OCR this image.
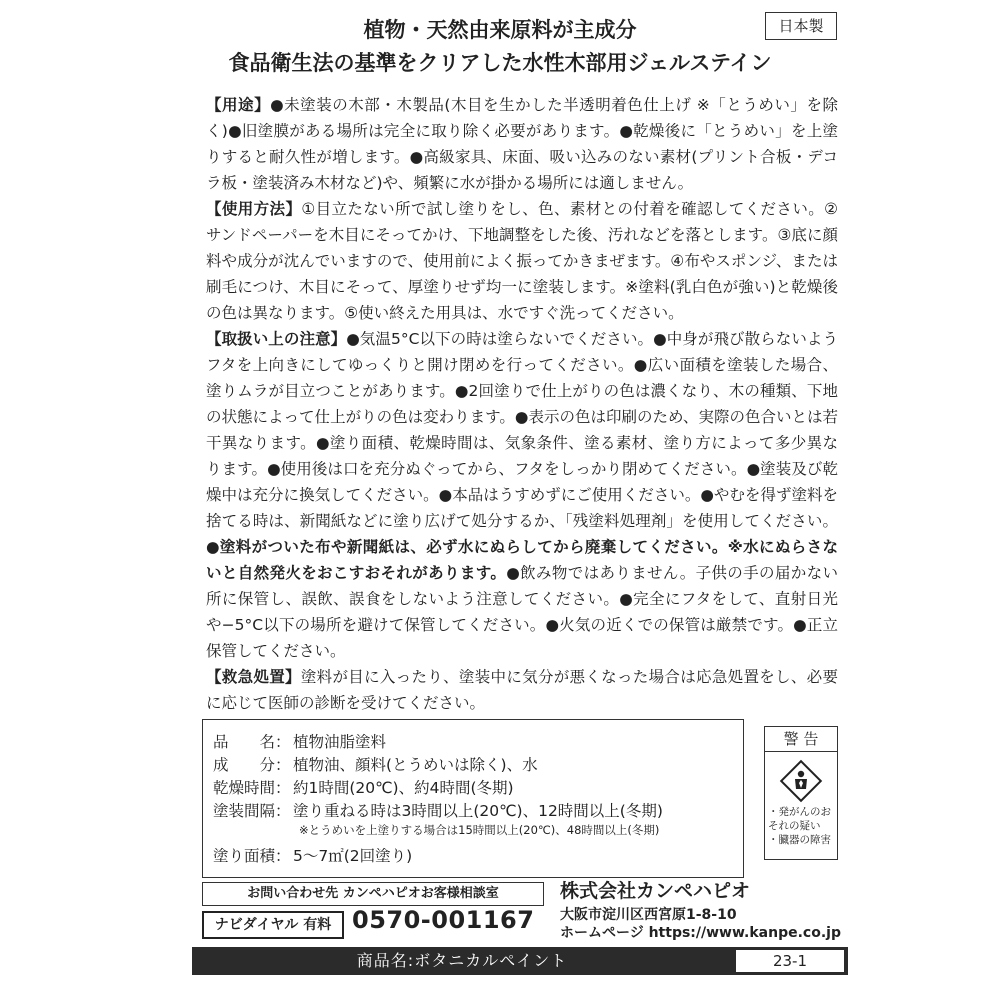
日本製
植物・天然由来原料が主成分
食品衛生法の基準をクリアした水性木部用ジェルステイン
【用途】●未塗装の木部・木製品(木目を生かした半透明着色仕上げ ※「とうめい」を除く)●旧塗膜がある場所は完全に取り除く必要があります。●乾燥後に「とうめい」を上塗りすると耐久性が増します。●高級家具、床面、吸い込みのない素材(プリント合板・デコラ板・塗装済み木材など)や、頻繁に水が掛かる場所には適しません。
【使用方法】①目立たない所で試し塗りをし、色、素材との付着を確認してください。②サンドペーパーを木目にそってかけ、下地調整をした後、汚れなどを落とします。③底に顔料や成分が沈んでいますので、使用前によく振ってかきまぜます。④布やスポンジ、または刷毛につけ、木目にそって、厚塗りせず均一に塗装します。※塗料(乳白色が強い)と乾燥後の色は異なります。⑤使い終えた用具は、水ですぐ洗ってください。
【取扱い上の注意】●気温5°C以下の時は塗らないでください。●中身が飛び散らないようフタを上向きにしてゆっくりと開け閉めを行ってください。●広い面積を塗装した場合、塗りムラが目立つことがあります。●2回塗りで仕上がりの色は濃くなり、木の種類、下地の状態によって仕上がりの色は変わります。●表示の色は印刷のため、実際の色合いとは若干異なります。●塗り面積、乾燥時間は、気象条件、塗る素材、塗り方によって多少異なります。●使用後は口を充分ぬぐってから、フタをしっかり閉めてください。●塗装及び乾燥中は充分に換気してください。●本品はうすめずにご使用ください。●やむを得ず塗料を捨てる時は、新聞紙などに塗り広げて処分するか、「残塗料処理剤」を使用してください。●塗料がついた布や新聞紙は、必ず水にぬらしてから廃棄してください。※水にぬらさないと自然発火をおこすおそれがあります。●飲み物ではありません。子供の手の届かない所に保管し、誤飲、誤食をしないよう注意してください。●完全にフタをして、直射日光や−5°C以下の場所を避けて保管してください。●火気の近くでの保管は厳禁です。●正立保管してください。
【救急処置】塗料が目に入ったり、塗装中に気分が悪くなった場合は応急処置をし、必要に応じて医師の診断を受けてください。
品　　名： 植物油脂塗料
成　　分： 植物油、顔料(とうめいは除く)、水
乾燥時間： 約1時間(20℃)、約4時間(冬期)
塗装間隔： 塗り重ねる時は3時間以上(20℃)、12時間以上(冬期)
※とうめいを上塗りする場合は15時間以上(20℃)、48時間以上(冬期)
塗り面積： 5〜7㎡(2回塗り)
警 告
・発がんのおそれの疑い
・臓器の障害
お問い合わせ先 カンペハピオお客様相談室
ナビダイヤル 有料 0570-001167
株式会社カンペハピオ
大阪市淀川区西宮原1-8-10
ホームページ https://www.kanpe.co.jp
商品名:ボタニカルペイント	23-1
